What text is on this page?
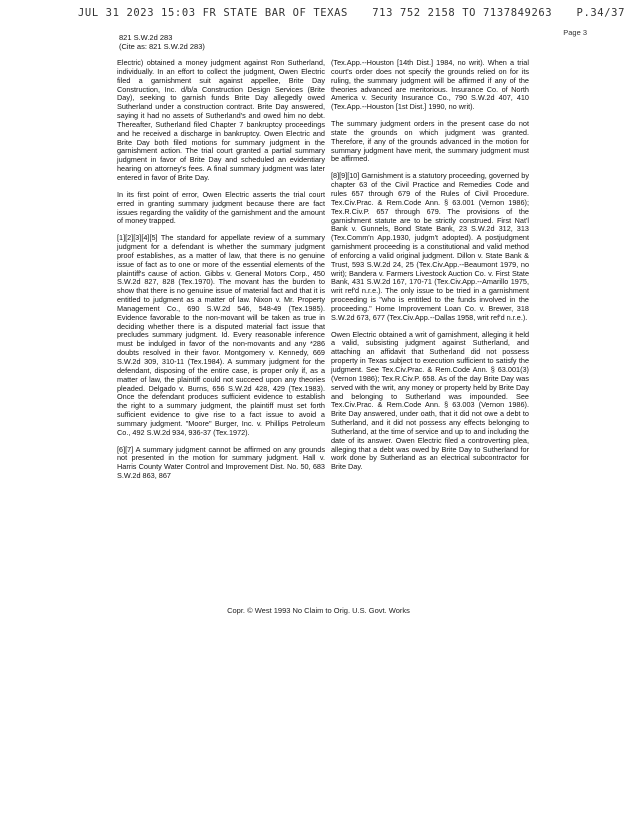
JUL 31 2023 15:03 FR STATE BAR OF TEXAS 713 752 2158 TO 7137849263 P.34/37
Page 3
821 S.W.2d 283
(Cite as: 821 S.W.2d 283)

Electric) obtained a money judgment against Ron Sutherland, individually. In an effort to collect the judgment, Owen Electric filed a garnishment suit against appellee, Brite Day Construction, Inc. d/b/a Construction Design Services (Brite Day), seeking to garnish funds Brite Day allegedly owed Sutherland under a construction contract. Brite Day answered, saying it had no assets of Sutherland's and owed him no debt. Thereafter, Sutherland filed Chapter 7 bankruptcy proceedings and he received a discharge in bankruptcy. Owen Electric and Brite Day both filed motions for summary judgment in the garnishment action. The trial court granted a partial summary judgment in favor of Brite Day and scheduled an evidentiary hearing on attorney's fees. A final summary judgment was later entered in favor of Brite Day.

In its first point of error, Owen Electric asserts the trial court erred in granting summary judgment because there are fact issues regarding the validity of the garnishment and the amount of money trapped.

[1][2][3][4][5] The standard for appellate review of a summary judgment for a defendant is whether the summary judgment proof establishes, as a matter of law, that there is no genuine issue of fact as to one or more of the essential elements of the plaintiff's cause of action. Gibbs v. General Motors Corp., 450 S.W.2d 827, 828 (Tex.1970). The movant has the burden to show that there is no genuine issue of material fact and that it is entitled to judgment as a matter of law. Nixon v. Mr. Property Management Co., 690 S.W.2d 546, 548-49 (Tex.1985). Evidence favorable to the non-movant will be taken as true in deciding whether there is a disputed material fact issue that precludes summary judgment. Id. Every reasonable inference must be indulged in favor of the non-movants and any *286 doubts resolved in their favor. Montgomery v. Kennedy, 669 S.W.2d 309, 310-11 (Tex.1984). A summary judgment for the defendant, disposing of the entire case, is proper only if, as a matter of law, the plaintiff could not succeed upon any theories pleaded. Delgado v. Burns, 656 S.W.2d 428, 429 (Tex.1983). Once the defendant produces sufficient evidence to establish the right to a summary judgment, the plaintiff must set forth sufficient evidence to give rise to a fact issue to avoid a summary judgment. "Moore" Burger, Inc. v. Phillips Petroleum Co., 492 S.W.2d 934, 936-37 (Tex.1972).

[6][7] A summary judgment cannot be affirmed on any grounds not presented in the motion for summary judgment. Hall v. Harris County Water Control and Improvement Dist. No. 50, 683 S.W.2d 863, 867

(Tex.App.--Houston [14th Dist.] 1984, no writ). When a trial court's order does not specify the grounds relied on for its ruling, the summary judgment will be affirmed if any of the theories advanced are meritorious. Insurance Co. of North America v. Security Insurance Co., 790 S.W.2d 407, 410 (Tex.App.--Houston [1st Dist.] 1990, no writ).

The summary judgment orders in the present case do not state the grounds on which judgment was granted. Therefore, if any of the grounds advanced in the motion for summary judgment have merit, the summary judgment must be affirmed.

[8][9][10] Garnishment is a statutory proceeding, governed by chapter 63 of the Civil Practice and Remedies Code and rules 657 through 679 of the Rules of Civil Procedure. Tex.Civ.Prac. & Rem.Code Ann. § 63.001 (Vernon 1986); Tex.R.Civ.P. 657 through 679. The provisions of the garnishment statute are to be strictly construed. First Nat'l Bank v. Gunnels, Bond State Bank, 23 S.W.2d 312, 313 (Tex.Comm'n App.1930, judgm't adopted). A postjudgment garnishment proceeding is a constitutional and valid method of enforcing a valid original judgment. Dillon v. State Bank & Trust, 593 S.W.2d 24, 25 (Tex.Civ.App.--Beaumont 1979, no writ); Bandera v. Farmers Livestock Auction Co. v. First State Bank, 431 S.W.2d 167, 170-71 (Tex.Civ.App.--Amarillo 1975, writ ref'd n.r.e.). The only issue to be tried in a garnishment proceeding is "who is entitled to the funds involved in the proceeding." Home Improvement Loan Co. v. Brewer, 318 S.W.2d 673, 677 (Tex.Civ.App.--Dallas 1958, writ ref'd n.r.e.).

Owen Electric obtained a writ of garnishment, alleging it held a valid, subsisting judgment against Sutherland, and attaching an affidavit that Sutherland did not possess property in Texas subject to execution sufficient to satisfy the judgment. See Tex.Civ.Prac. & Rem.Code Ann. § 63.001(3) (Vernon 1986); Tex.R.Civ.P. 658. As of the day Brite Day was served with the writ, any money or property held by Brite Day and belonging to Sutherland was impounded. See Tex.Civ.Prac. & Rem.Code Ann. § 63.003 (Vernon 1986). Brite Day answered, under oath, that it did not owe a debt to Sutherland, and it did not possess any effects belonging to Sutherland, at the time of service and up to and including the date of its answer. Owen Electric filed a controverting plea, alleging that a debt was owed by Brite Day to Sutherland for work done by Sutherland as an electrical subcontractor for Brite Day.

Copr. © West 1993 No Claim to Orig. U.S. Govt. Works
